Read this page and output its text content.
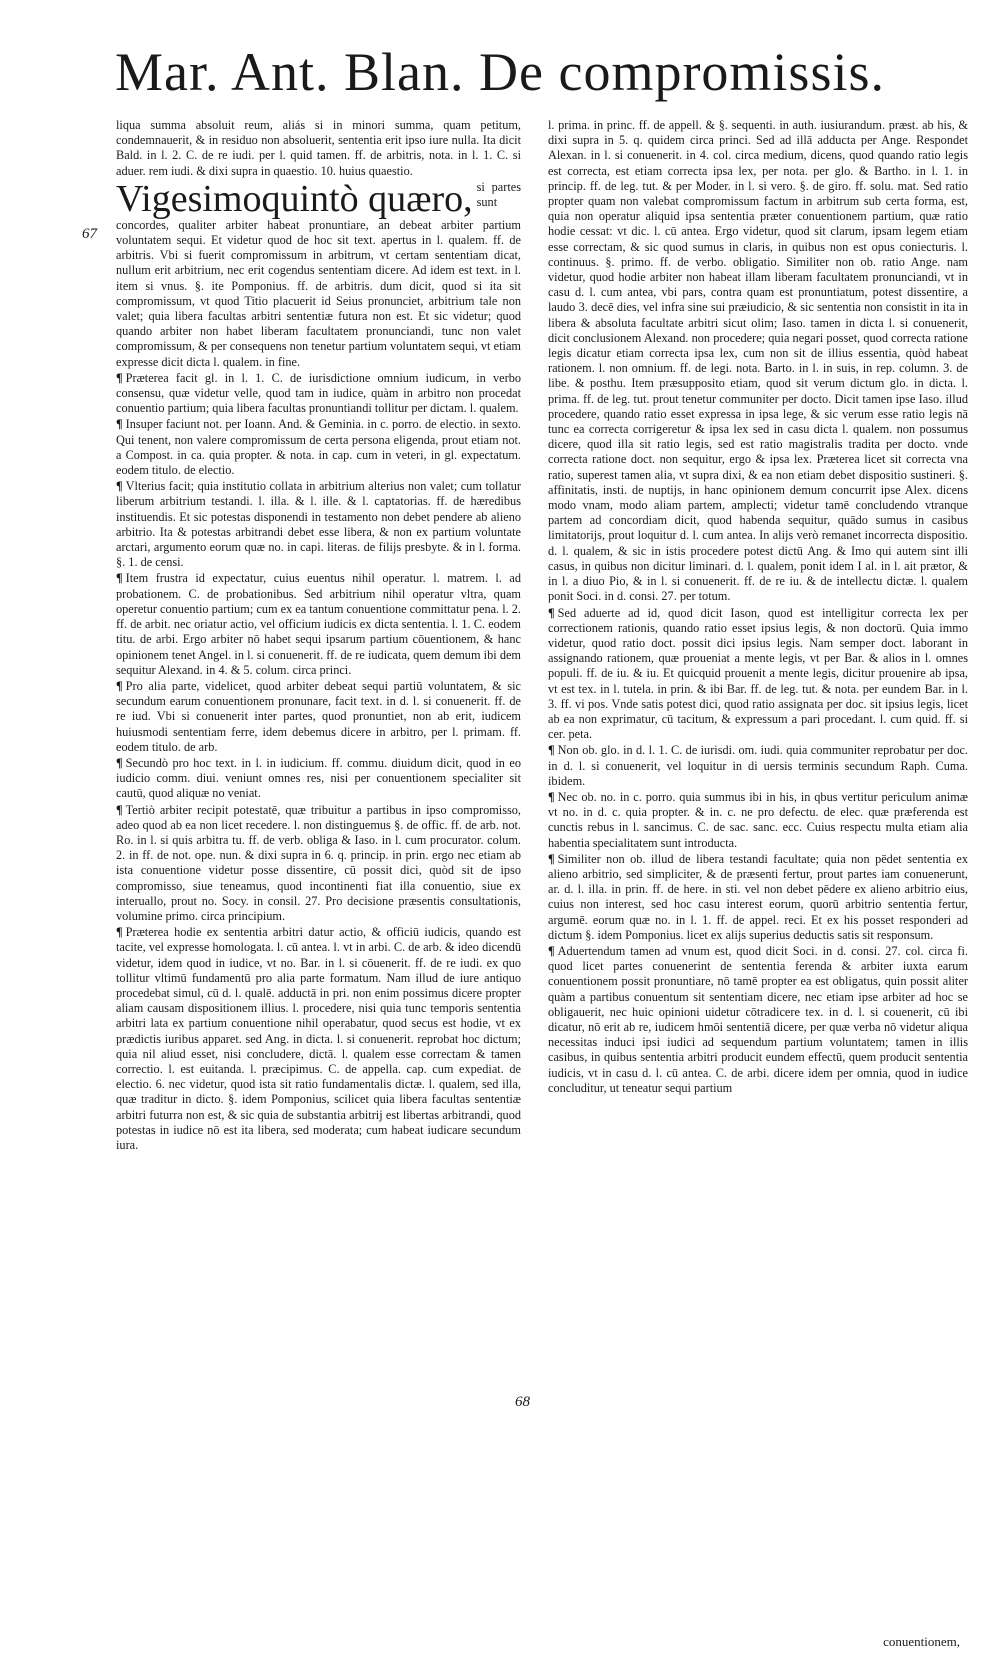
Mar. Ant. Blan. De compromissis.
67
68

liqua summa absoluit reum, aliás si in minori summa, quam petitum, condemnauerit, & in residuo non absoluerit, sententia erit ipso iure nulla. Ita dicit Bald. in l. 2. C. de re iudi. per l. quid tamen. ff. de arbitris, nota. in l. 1. C. si aduer. rem iudi. & dixi supra in quaestio. 10. huius quaestio.

Vigesimoquintò quæro, si partes sunt concordes, qualiter arbiter habeat pronuntiare, an debeat arbiter partium voluntatem sequi. Et videtur quod de hoc sit text. apertus in l. qualem. ff. de arbitris. Vbi si fuerit compromissum in arbitrum, vt certam sententiam dicat, nullum erit arbitrium, nec erit cogendus sententiam dicere. Ad idem est text. in l. item si vnus. §. ite Pomponius. ff. de arbitris. dum dicit, quod si ita sit compromissum, vt quod Titio placuerit id Seius pronunciet, arbitrium tale non valet; quia libera facultas arbitri sententiæ futura non est. Et sic videtur; quod quando arbiter non habet liberam facultatem pronunciandi, tunc non valet compromissum, & per consequens non tenetur partium voluntatem sequi, vt etiam expresse dicit dicta l. qualem. in fine.

¶ Præterea facit gl. in l. 1. C. de iurisdictione omnium iudicum, in verbo consensu, quæ videtur velle, quod tam in iudice, quàm in arbitro non procedat conuentio partium; quia libera facultas pronuntiandi tollitur per dictam. l. qualem.

¶ Insuper faciunt not. per Ioann. And. & Geminia. in c. porro. de electio. in sexto. Qui tenent, non valere compromissum de certa persona eligenda, prout etiam not. a Compost. in ca. quia propter. & nota. in cap. cum in veteri, in gl. expectatum. eodem titulo. de electio.

¶ Vlterius facit; quia institutio collata in arbitrium alterius non valet; cum tollatur liberum arbitrium testandi. l. illa. & l. ille. & l. captatorias. ff. de hæredibus instituendis. Et sic potestas disponendi in testamento non debet pendere ab alieno arbitrio. Ita & potestas arbitrandi debet esse libera, & non ex partium voluntate arctari, argumento eorum quæ no. in capi. literas. de filijs presbyte. & in l. forma. §. 1. de censi.

¶ Item frustra id expectatur, cuius euentus nihil operatur. l. matrem. l. ad probationem. C. de probationibus. Sed arbitrium nihil operatur vltra, quam operetur conuentio partium; cum ex ea tantum conuentione committatur pena. l. 2. ff. de arbit. nec oriatur actio, vel officium iudicis ex dicta sententia. l. 1. C. eodem titu. de arbi. Ergo arbiter nō habet sequi ipsarum partium cōuentionem, & hanc opinionem tenet Angel. in l. si conuenerit. ff. de re iudicata, quem demum ibi dem sequitur Alexand. in 4. & 5. colum. circa princi.

¶ Pro alia parte, videlicet, quod arbiter debeat sequi partiū voluntatem, & sic secundum earum conuentionem pronunare, facit text. in d. l. si conuenerit. ff. de re iud. Vbi si conuenerit inter partes, quod pronuntiet, non ab erit, iudicem huiusmodi sententiam ferre, idem debemus dicere in arbitro, per l. primam. ff. eodem titulo. de arb.

¶ Secundò pro hoc text. in l. in iudicium. ff. commu. diuidum dicit, quod in eo iudicio comm. diui. veniunt omnes res, nisi per conuentionem specialiter sit cautū, quod aliquæ no veniat.

¶ Tertiò arbiter recipit potestatē, quæ tribuitur a partibus in ipso compromisso, adeo quod ab ea non licet recedere. l. non distinguemus §. de offic. ff. de arb. not. Ro. in l. si quis arbitra tu. ff. de verb. obliga & Iaso. in l. cum procurator. colum. 2. in ff. de not. ope. nun. & dixi supra in 6. q. princip. in prin. ergo nec etiam ab ista conuentione videtur posse dissentire, cū possit dici, quòd sit de ipso compromisso, siue teneamus, quod incontinenti fiat illa conuentio, siue ex interuallo, prout no. Socy. in consil. 27. Pro decisione præsentis consultationis, volumine primo. circa principium.

¶ Præterea hodie ex sententia arbitri datur actio, & officiū iudicis, quando est tacite, vel expresse homologata. l. cū antea. l. vt in arbi. C. de arb. & ideo dicendū videtur, idem quod in iudice, vt no. Bar. in l. si cōuenerit. ff. de re iudi. ex quo tollitur vltimū fundamentū pro alia parte formatum. Nam illud de iure antiquo procedebat simul, cū d. l. qualē. adductā in pri. non enim possimus dicere propter aliam causam dispositionem illius. l. procedere, nisi quia tunc temporis sententia arbitri lata ex partium conuentione nihil operabatur, quod secus est hodie, vt ex prædictis iuribus apparet. sed Ang. in dicta. l. si conuenerit. reprobat hoc dictum; quia nil aliud esset, nisi concludere, dictā. l. qualem esse correctam & tamen correctio. l. est euitanda. l. præcipimus. C. de appella. cap. cum expediat. de electio. 6. nec videtur, quod ista sit ratio fundamentalis dictæ. l. qualem, sed illa, quæ traditur in dicto. §. idem Pomponius, scilicet quia libera facultas sententiæ arbitri futurra non est, & sic quia de substantia arbitrij est libertas arbitrandi, quod potestas in iudice nō est ita libera, sed moderata; cum habeat iudicare secundum iura.

l. prima. in princ. ff. de appell. & §. sequenti. in auth. iusiurandum. præst. ab his, & dixi supra in 5. q. quidem circa princi. Sed ad illā adducta per Ange. Respondet Alexan. in l. si conuenerit. in 4. col. circa medium, dicens, quod quando ratio legis est correcta, est etiam correcta ipsa lex, per nota. per glo. & Bartho. in l. 1. in princip. ff. de leg. tut. & per Moder. in l. si vero. §. de giro. ff. solu. mat. Sed ratio propter quam non valebat compromissum factum in arbitrum sub certa forma, est, quia non operatur aliquid ipsa sententia præter conuentionem partium, quæ ratio hodie cessat: vt dic. l. cū antea. Ergo videtur, quod sit clarum, ipsam legem etiam esse correctam, & sic quod sumus in claris, in quibus non est opus coniecturis. l. continuus. §. primo. ff. de verbo. obligatio. Similiter non ob. ratio Ange. nam videtur, quod hodie arbiter non habeat illam liberam facultatem pronunciandi, vt in casu d. l. cum antea, vbi pars, contra quam est pronuntiatum, potest dissentire, a laudo 3. decē dies, vel infra sine sui præiudicio, & sic sententia non consistit in ita in libera & absoluta facultate arbitri sicut olim; Iaso. tamen in dicta l. si conuenerit, dicit conclusionem Alexand. non procedere; quia negari posset, quod correcta ratione legis dicatur etiam correcta ipsa lex, cum non sit de illius essentia, quòd habeat rationem. l. non omnium. ff. de legi. nota. Barto. in l. in suis, in rep. column. 3. de libe. & posthu. Item præsupposito etiam, quod sit verum dictum glo. in dicta. l. prima. ff. de leg. tut. prout tenetur communiter per docto. Dicit tamen ipse Iaso. illud procedere, quando ratio esset expressa in ipsa lege, & sic verum esse ratio legis nā tunc ea correcta corrigeretur & ipsa lex sed in casu dicta l. qualem. non possumus dicere, quod illa sit ratio legis, sed est ratio magistralis tradita per docto. vnde correcta ratione doct. non sequitur, ergo & ipsa lex. Præterea licet sit correcta vna ratio, superest tamen alia, vt supra dixi, & ea non etiam debet dispositio sustineri. §. affinitatis, insti. de nuptijs, in hanc opinionem demum concurrit ipse Alex. dicens modo vnam, modo aliam partem, amplecti; videtur tamē concludendo vtranque partem ad concordiam dicit, quod habenda sequitur, quādo sumus in casibus limitatorijs, prout loquitur d. l. cum antea. In alijs verò remanet incorrecta dispositio. d. l. qualem, & sic in istis procedere potest dictū Ang. & Imo qui autem sint illi casus, in quibus non dicitur liminari. d. l. qualem, ponit idem I al. in l. ait prætor, & in l. a diuo Pio, & in l. si conuenerit. ff. de re iu. & de intellectu dictæ. l. qualem ponit Soci. in d. consi. 27. per totum.

¶ Sed aduerte ad id, quod dicit Iason, quod est intelligitur correcta lex per correctionem rationis, quando ratio esset ipsius legis, & non doctorū. Quia immo videtur, quod ratio doct. possit dici ipsius legis. Nam semper doct. laborant in assignando rationem, quæ proueniat a mente legis, vt per Bar. & alios in l. omnes populi. ff. de iu. & iu. Et quicquid prouenit a mente legis, dicitur prouenire ab ipsa, vt est tex. in l. tutela. in prin. & ibi Bar. ff. de leg. tut. & nota. per eundem Bar. in l. 3. ff. vi pos. Vnde satis potest dici, quod ratio assignata per doc. sit ipsius legis, licet ab ea non exprimatur, cū tacitum, & expressum a pari procedant. l. cum quid. ff. si cer. peta.

¶ Non ob. glo. in d. l. 1. C. de iurisdi. om. iudi. quia communiter reprobatur per doc. in d. l. si conuenerit, vel loquitur in di uersis terminis secundum Raph. Cuma. ibidem.

¶ Nec ob. no. in c. porro. quia summus ibi in his, in qbus vertitur periculum animæ vt no. in d. c. quia propter. & in. c. ne pro defectu. de elec. quæ præferenda est cunctis rebus in l. sancimus. C. de sac. sanc. ecc. Cuius respectu multa etiam alia habentia specialitatem sunt introducta.

¶ Similiter non ob. illud de libera testandi facultate; quia non pēdet sententia ex alieno arbitrio, sed simpliciter, & de præsenti fertur, prout partes iam conuenerunt, ar. d. l. illa. in prin. ff. de here. in sti. vel non debet pēdere ex alieno arbitrio eius, cuius non interest, sed hoc casu interest eorum, quorū arbitrio sententia fertur, argumē. eorum quæ no. in l. 1. ff. de appel. reci. Et ex his posset responderi ad dictum §. idem Pomponius. licet ex alijs superius deductis satis sit responsum.

¶ Aduertendum tamen ad vnum est, quod dicit Soci. in d. consi. 27. col. circa fi. quod licet partes conuenerint de sententia ferenda & arbiter iuxta earum conuentionem possit pronuntiare, nō tamē propter ea est obligatus, quin possit aliter quàm a partibus conuentum sit sententiam dicere, nec etiam ipse arbiter ad hoc se obligauerit, nec huic opinioni uidetur cōtradicere tex. in d. l. si couenerit, cū ibi dicatur, nō erit ab re, iudicem hmōi sententiā dicere, per quæ verba nō videtur aliqua necessitas induci ipsi iudici ad sequendum partium voluntatem; tamen in illis casibus, in quibus sententia arbitri producit eundem effectū, quem producit sententia iudicis, vt in casu d. l. cū antea. C. de arbi. dicere idem per omnia, quod in iudice concluditur, ut teneatur sequi partium

conuentionem,
